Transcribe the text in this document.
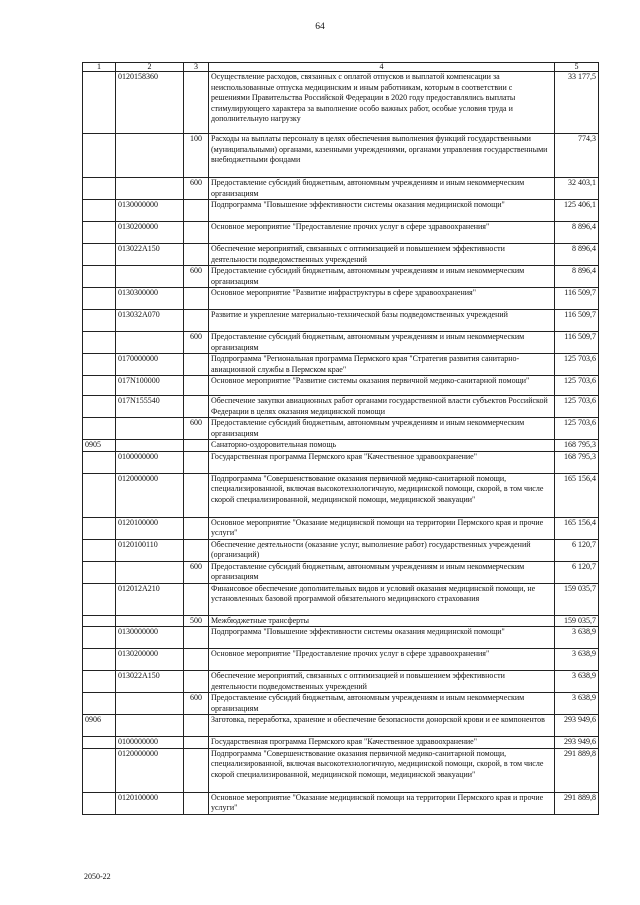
64
1	2	3	4	5
	0120158360		Осуществление расходов, связанных с оплатой отпусков и выплатой компенсации за неиспользованные отпуска медицинским и иным работникам, которым в соответствии с решениями Правительства Российской Федерации в 2020 году предоставлялись выплаты стимулирующего характера за выполнение особо важных работ, особые условия труда и дополнительную нагрузку	33 177,5
		100	Расходы на выплаты персоналу в целях обеспечения выполнения функций государственными (муниципальными) органами, казенными учреждениями, органами управления государственными внебюджетными фондами	774,3
		600	Предоставление субсидий бюджетным, автономным учреждениям и иным некоммерческим организациям	32 403,1
	0130000000		Подпрограмма "Повышение эффективности системы оказания медицинской помощи"	125 406,1
	0130200000		Основное мероприятие "Предоставление прочих услуг в сфере здравоохранения"	8 896,4
	013022А150		Обеспечение мероприятий, связанных с оптимизацией и повышением эффективности деятельности подведомственных учреждений	8 896,4
		600	Предоставление субсидий бюджетным, автономным учреждениям и иным некоммерческим организациям	8 896,4
	0130300000		Основное мероприятие "Развитие инфраструктуры в сфере здравоохранения"	116 509,7
	013032А070		Развитие и укрепление материально-технической базы подведомственных учреждений	116 509,7
		600	Предоставление субсидий бюджетным, автономным учреждениям и иным некоммерческим организациям	116 509,7
	0170000000		Подпрограмма "Региональная программа Пермского края "Стратегия развития санитарно-авиационной службы в Пермском крае"	125 703,6
	017N100000		Основное мероприятие "Развитие системы оказания первичной медико-санитарной помощи"	125 703,6
	017N155540		Обеспечение закупки авиационных работ органами государственной власти субъектов Российской Федерации в целях оказания медицинской помощи	125 703,6
		600	Предоставление субсидий бюджетным, автономным учреждениям и иным некоммерческим организациям	125 703,6
0905			Санаторно-оздоровительная помощь	168 795,3
	0100000000		Государственная программа Пермского края "Качественное здравоохранение"	168 795,3
	0120000000		Подпрограмма "Совершенствование оказания первичной медико-санитарной помощи, специализированной, включая высокотехнологичную, медицинской помощи, скорой, в том числе скорой специализированной, медицинской помощи, медицинской эвакуации"	165 156,4
	0120100000		Основное мероприятие "Оказание медицинской помощи на территории Пермского края и прочие услуги"	165 156,4
	0120100110		Обеспечение деятельности (оказание услуг, выполнение работ) государственных учреждений (организаций)	6 120,7
		600	Предоставление субсидий бюджетным, автономным учреждениям и иным некоммерческим организациям	6 120,7
	012012А210		Финансовое обеспечение дополнительных видов и условий оказания медицинской помощи, не установленных базовой программой обязательного медицинского страхования	159 035,7
		500	Межбюджетные трансферты	159 035,7
	0130000000		Подпрограмма "Повышение эффективности системы оказания медицинской помощи"	3 638,9
	0130200000		Основное мероприятие "Предоставление прочих услуг в сфере здравоохранения"	3 638,9
	013022А150		Обеспечение мероприятий, связанных с оптимизацией и повышением эффективности деятельности подведомственных учреждений	3 638,9
		600	Предоставление субсидий бюджетным, автономным учреждениям и иным некоммерческим организациям	3 638,9
0906			Заготовка, переработка, хранение и обеспечение безопасности донорской крови и ее компонентов	293 949,6
	0100000000		Государственная программа Пермского края "Качественное здравоохранение"	293 949,6
	0120000000		Подпрограмма "Совершенствование оказания первичной медико-санитарной помощи, специализированной, включая высокотехнологичную, медицинской помощи, скорой, в том числе скорой специализированной, медицинской помощи, медицинской эвакуации"	291 889,8
	0120100000		Основное мероприятие "Оказание медицинской помощи на территории Пермского края и прочие услуги"	291 889,8
2050-22
